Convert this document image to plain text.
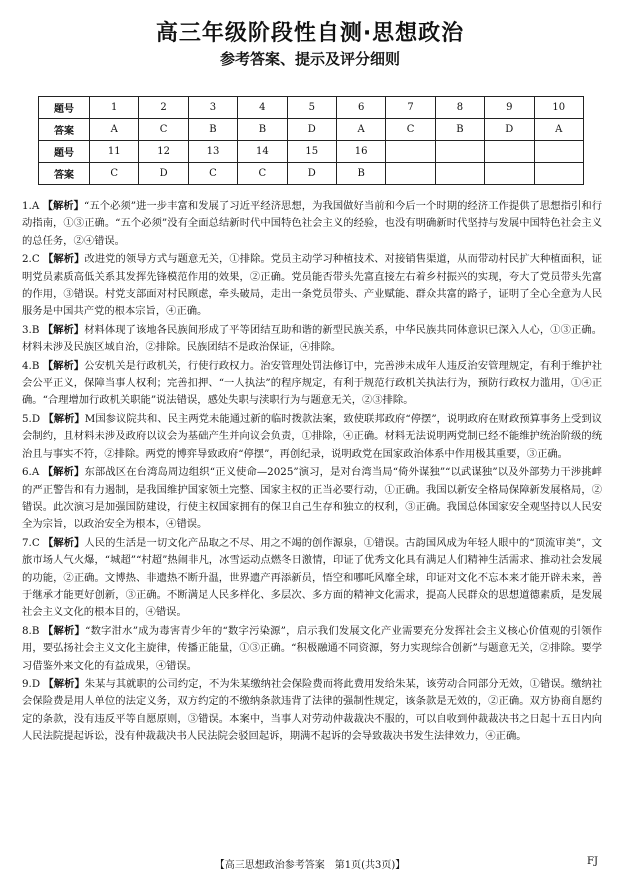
高三年级阶段性自测·思想政治
参考答案、提示及评分细则
题号	1	2	3	4	5	6	7	8	9	10
答案	A	C	B	B	D	A	C	B	D	A
题号	11	12	13	14	15	16				
答案	C	D	C	C	D	B				
1.A 【解析】“五个必须”进一步丰富和发展了习近平经济思想，为我国做好当前和今后一个时期的经济工作提供了思想指引和行动指南，①③正确。“五个必须”没有全面总结新时代中国特色社会主义的经验，也没有明确新时代坚持与发展中国特色社会主义的总任务，②④错误。
2.C 【解析】改进党的领导方式与题意无关，①排除。党员主动学习种植技术、对接销售渠道，从而带动村民扩大种植面积，证明党员素质高低关系其发挥先锋模范作用的效果，②正确。党员能否带头先富直接左右着乡村振兴的实现，夸大了党员带头先富的作用，③错误。村党支部面对村民顾虑，牵头破局，走出一条党员带头、产业赋能、群众共富的路子，证明了全心全意为人民服务是中国共产党的根本宗旨，④正确。
3.B 【解析】材料体现了该地各民族间形成了平等团结互助和谐的新型民族关系，中华民族共同体意识已深入人心，①③正确。材料未涉及民族区域自治，②排除。民族团结不是政治保证，④排除。
4.B 【解析】公安机关是行政机关，行使行政权力。治安管理处罚法修订中，完善涉未成年人违反治安管理规定，有利于维护社会公平正义，保障当事人权利；完善扣押、“一人执法”的程序规定，有利于规范行政机关执法行为，预防行政权力滥用，①④正确。“合理增加行政机关职能”说法错误，感处失职与渎职行为与题意无关，②③排除。
5.D 【解析】M国参议院共和、民主两党未能通过新的临时拨款法案，致使联邦政府“停摆”，说明政府在财政预算事务上受到议会制约，且材料未涉及政府以议会为基础产生并向议会负责，①排除，④正确。材料无法说明两党制已经不能维护统治阶级的统治且与事实不符，②排除。两党的博弈导致政府“停摆”，再创纪录，说明政党在国家政治体系中作用极其重要，③正确。
6.A 【解析】东部战区在台湾岛周边组织“正义使命—2025”演习，是对台湾当局“倚外谋独”“以武谋独”以及外部势力干涉挑衅的严正警告和有力遏制，是我国维护国家领土完整、国家主权的正当必要行动，①正确。我国以新安全格局保障新发展格局，②错误。此次演习是加强国防建设，行使主权国家拥有的保卫自己生存和独立的权利，③正确。我国总体国家安全观坚持以人民安全为宗旨，以政治安全为根本，④错误。
7.C 【解析】人民的生活是一切文化产品取之不尽、用之不竭的创作源泉，①错误。古韵国风成为年轻人眼中的“顶流审美”，文旅市场人气火爆，“城超”“村超”热闹非凡，冰雪运动点燃冬日激情，印证了优秀文化具有满足人们精神生活需求、推动社会发展的功能，②正确。文博热、非遗热不断升温，世界遗产再添新员，悟空和哪吒风靡全球，印证对文化不忘本来才能开辟未来，善于继承才能更好创新，③正确。不断满足人民多样化、多层次、多方面的精神文化需求，提高人民群众的思想道德素质，是发展社会主义文化的根本目的，④错误。
8.B 【解析】“数字泔水”成为毒害青少年的“数字污染源”，启示我们发展文化产业需要充分发挥社会主义核心价值观的引领作用，要弘扬社会主义文化主旋律，传播正能量，①③正确。“积极融通不同资源，努力实现综合创新”与题意无关，②排除。要学习借鉴外来文化的有益成果，④错误。
9.D 【解析】朱某与其就职的公司约定，不为朱某缴纳社会保险费而将此费用发给朱某，该劳动合同部分无效，①错误。缴纳社会保险费是用人单位的法定义务，双方约定的不缴纳条款违背了法律的强制性规定，该条款是无效的，②正确。双方协商自愿约定的条款，没有违反平等自愿原则，③错误。本案中，当事人对劳动仲裁裁决不服的，可以自收到仲裁裁决书之日起十五日内向人民法院提起诉讼，没有仲裁裁决书人民法院会驳回起诉，期满不起诉的会导致裁决书发生法律效力，④正确。
【高三思想政治参考答案　第1页(共3页)】	FJ
